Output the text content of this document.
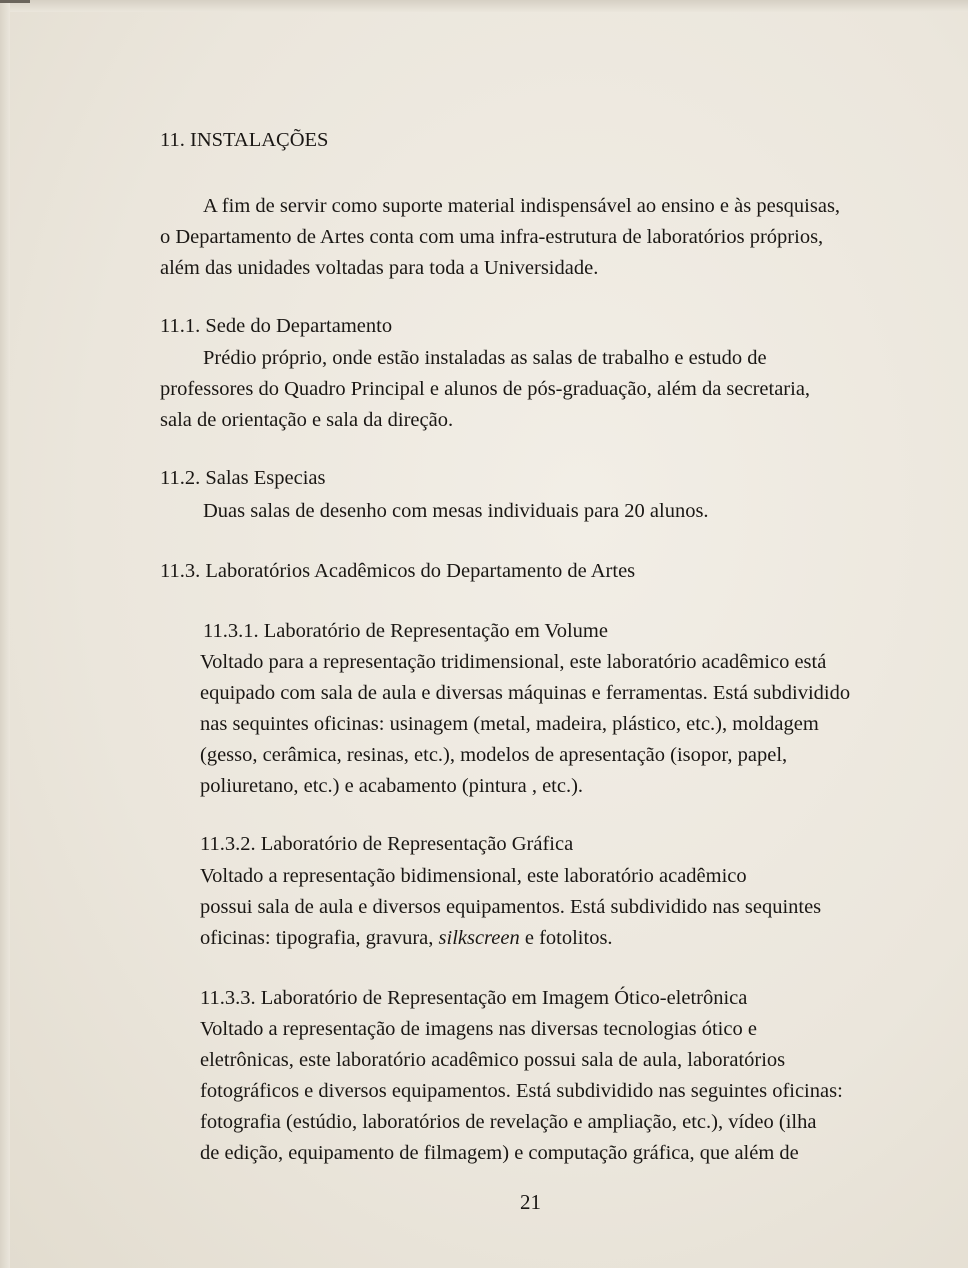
11. INSTALAÇÕES
A fim de servir como suporte material indispensável ao ensino e às pesquisas,
o Departamento de Artes conta com uma infra-estrutura de laboratórios próprios,
além das unidades voltadas para toda a Universidade.
11.1. Sede do Departamento
Prédio próprio, onde estão instaladas as salas de trabalho e estudo de
professores do Quadro Principal e alunos de pós-graduação, além da secretaria,
sala de orientação e sala da direção.
11.2. Salas Especias
Duas salas de desenho com mesas individuais para 20 alunos.
11.3. Laboratórios Acadêmicos do Departamento de Artes
11.3.1. Laboratório de Representação em Volume
Voltado para a representação tridimensional, este laboratório acadêmico está
equipado com sala de aula e diversas máquinas e ferramentas. Está subdividido
nas sequintes oficinas: usinagem (metal, madeira, plástico, etc.), moldagem
(gesso, cerâmica, resinas, etc.), modelos de apresentação (isopor, papel,
poliuretano, etc.) e acabamento (pintura , etc.).
11.3.2. Laboratório de Representação Gráfica
Voltado a representação bidimensional, este laboratório acadêmico
possui sala de aula e diversos equipamentos. Está subdividido nas sequintes
oficinas: tipografia, gravura, silkscreen e fotolitos.
11.3.3. Laboratório de Representação em Imagem Ótico-eletrônica
Voltado a representação de imagens nas diversas tecnologias ótico e
eletrônicas, este laboratório acadêmico possui sala de aula, laboratórios
fotográficos e diversos equipamentos. Está subdividido nas seguintes oficinas:
fotografia (estúdio, laboratórios de revelação e ampliação, etc.), vídeo (ilha
de edição, equipamento de filmagem) e computação gráfica, que além de
21
